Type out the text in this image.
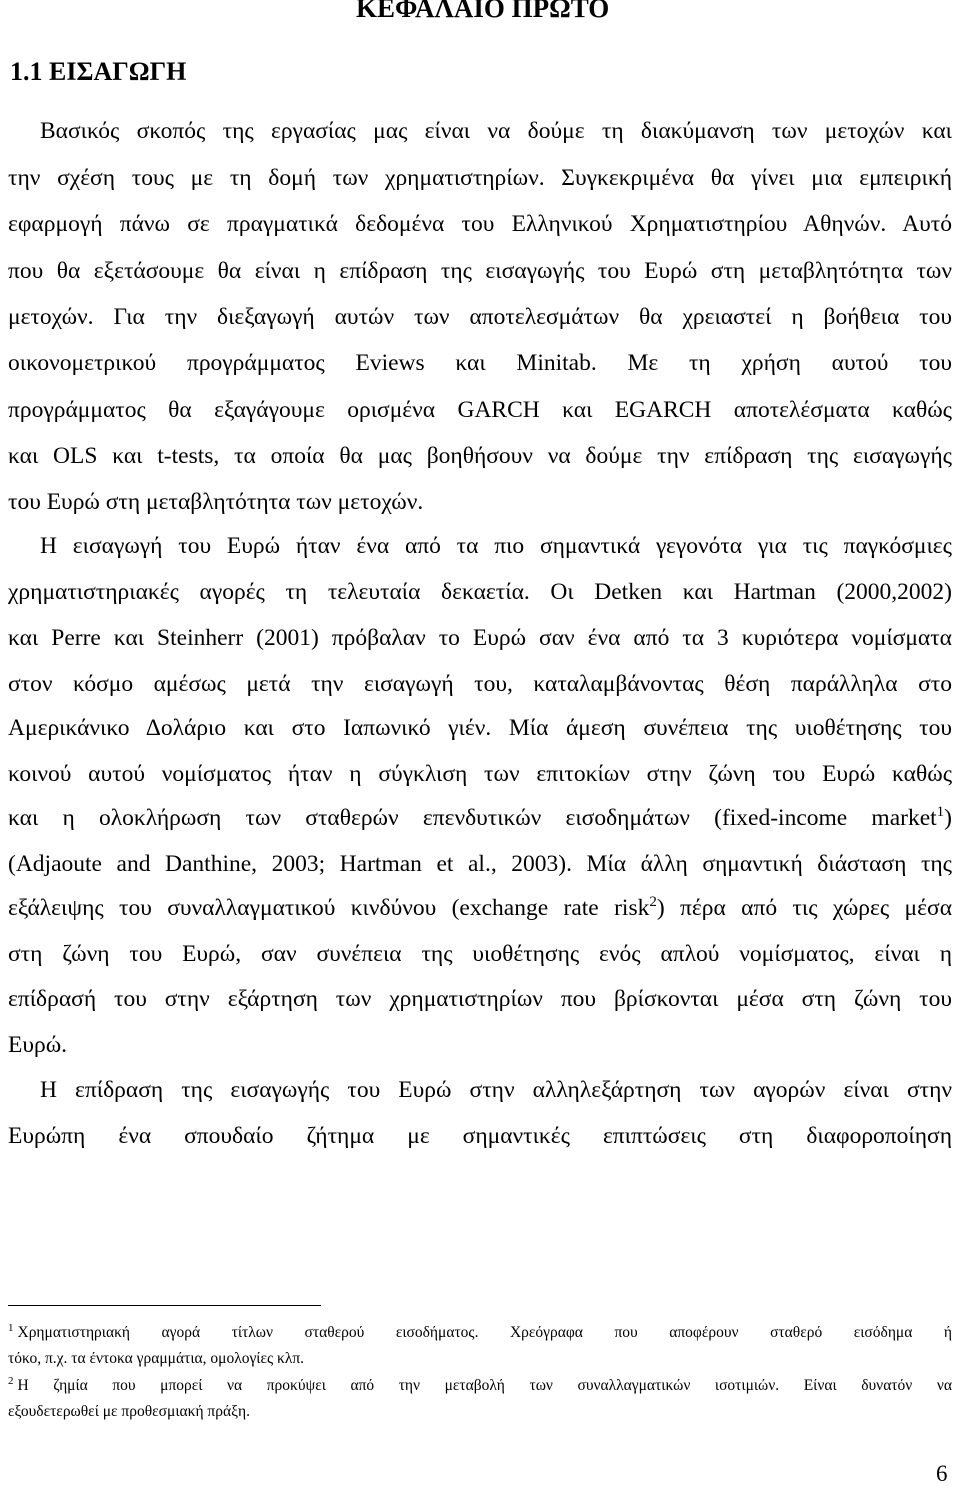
ΚΕΦΑΛΑΙΟ ΠΡΩΤΟ
1.1 ΕΙΣΑΓΩΓΗ
Βασικός σκοπός της εργασίας μας είναι να δούμε τη διακύμανση των μετοχών και
την σχέση τους με τη δομή των χρηματιστηρίων. Συγκεκριμένα θα γίνει μια εμπειρική
εφαρμογή πάνω σε πραγματικά δεδομένα του Ελληνικού Χρηματιστηρίου Αθηνών. Αυτό
που θα εξετάσουμε θα είναι η επίδραση της εισαγωγής του Ευρώ στη μεταβλητότητα των
μετοχών. Για την διεξαγωγή αυτών των αποτελεσμάτων θα χρειαστεί η βοήθεια του
οικονομετρικού προγράμματος Eviews και Minitab. Με τη χρήση αυτού του
προγράμματος θα εξαγάγουμε ορισμένα GARCH και EGARCH αποτελέσματα καθώς
και OLS και t-tests, τα οποία θα μας βοηθήσουν να δούμε την επίδραση της εισαγωγής
του Ευρώ στη μεταβλητότητα των μετοχών.
Η εισαγωγή του Ευρώ ήταν ένα από τα πιο σημαντικά γεγονότα για τις παγκόσμιες
χρηματιστηριακές αγορές τη τελευταία δεκαετία. Οι Detken και Hartman (2000,2002)
και Perre και Steinherr (2001) πρόβαλαν το Ευρώ σαν ένα από τα 3 κυριότερα νομίσματα
στον κόσμο αμέσως μετά την εισαγωγή του, καταλαμβάνοντας θέση παράλληλα στο
Αμερικάνικο Δολάριο και στο Ιαπωνικό γιέν. Μία άμεση συνέπεια της υιοθέτησης του
κοινού αυτού νομίσματος ήταν η σύγκλιση των επιτοκίων στην ζώνη του Ευρώ καθώς
και η ολοκλήρωση των σταθερών επενδυτικών εισοδημάτων (fixed-income market$^1$)
(Adjaoute and Danthine, 2003; Hartman et al., 2003). Μία άλλη σημαντική διάσταση της
εξάλειψης του συναλλαγματικού κινδύνου (exchange rate risk$^2$) πέρα από τις χώρες μέσα
στη ζώνη του Ευρώ, σαν συνέπεια της υιοθέτησης ενός απλού νομίσματος, είναι η
επίδρασή του στην εξάρτηση των χρηματιστηρίων που βρίσκονται μέσα στη ζώνη του
Ευρώ.
Η επίδραση της εισαγωγής του Ευρώ στην αλληλεξάρτηση των αγορών είναι στην
Ευρώπη ένα σπουδαίο ζήτημα με σημαντικές επιπτώσεις στη διαφοροποίηση
$^1$ Χρηματιστηριακή αγορά τίτλων σταθερού εισοδήματος. Χρεόγραφα που αποφέρουν σταθερό εισόδημα ή
τόκο, π.χ. τα έντοκα γραμμάτια, ομολογίες κλπ.
$^2$ Η ζημία που μπορεί να προκύψει από την μεταβολή των συναλλαγματικών ισοτιμιών. Είναι δυνατόν να
εξουδετερωθεί με προθεσμιακή πράξη.
6
